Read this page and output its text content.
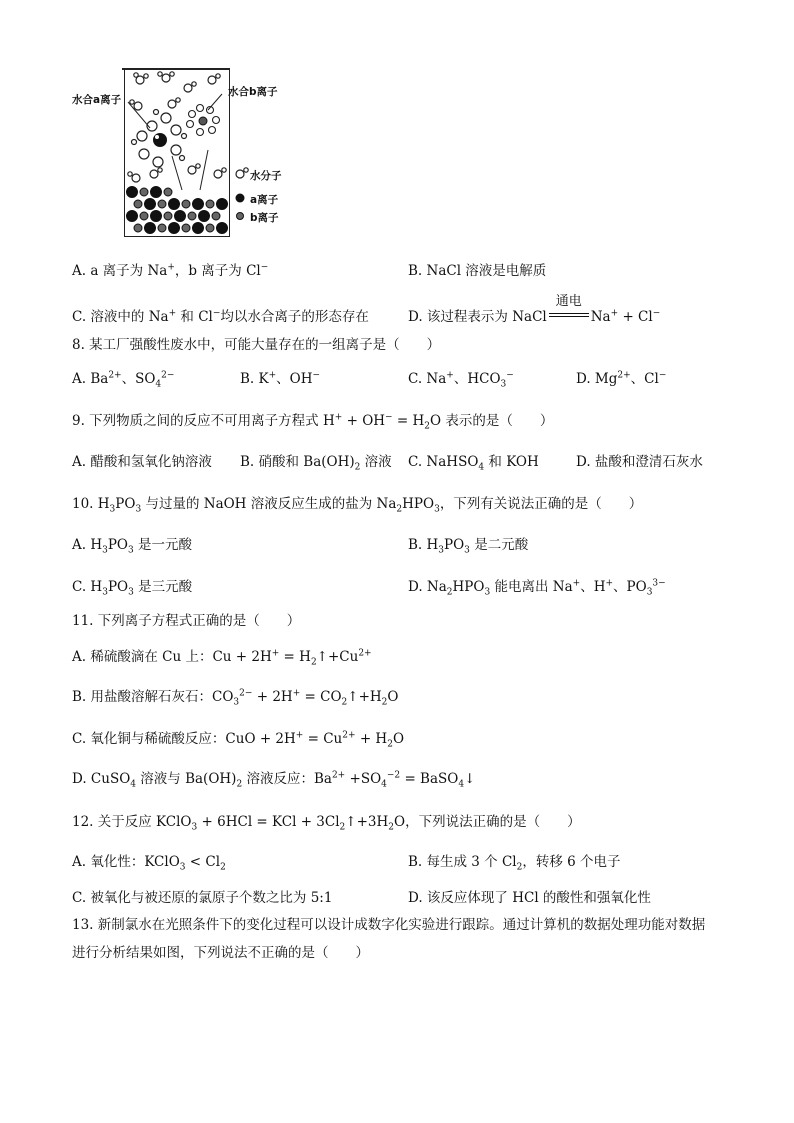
水合a离子
水合b离子
水分子
a离子
b离子
A. a 离子为 Na+，b 离子为 Cl−	B. NaCl 溶液是电解质
C. 溶液中的 Na+ 和 Cl−均以水合离子的形态存在	D. 该过程表示为 NaCl
通电
Na+ + Cl−
8. 某工厂强酸性废水中，可能大量存在的一组离子是（　　）
A. $Ba^{2+}$、$SO_4^{2-}$	B. K+、OH−	C. Na+、$HCO_3^-$	D. $Mg^{2+}$、Cl−
9. 下列物质之间的反应不可用离子方程式 $H^+ + OH^- = H_2O$ 表示的是（　　）
A. 醋酸和氢氧化钠溶液 B. 硝酸和 $Ba(OH)_2$ 溶液 C. NaHSO$_4$ 和 KOH	D. 盐酸和澄清石灰水
10. $H_3PO_3$ 与过量的 NaOH 溶液反应生成的盐为 $Na_2HPO_3$，下列有关说法正确的是（　　）
A. $H_3PO_3$ 是一元酸	B. $H_3PO_3$ 是二元酸
C. $H_3PO_3$ 是三元酸	D. $Na_2HPO_3$ 能电离出 Na+、H+、$PO_3^{3-}$
11. 下列离子方程式正确的是（　　）
A. 稀硫酸滴在 Cu 上：$Cu + 2H^+ = H_2↑+Cu^{2+}$
B. 用盐酸溶解石灰石：$CO_3^{2-} + 2H^+$ = $CO_2↑+H_2O$
C. 氧化铜与稀硫酸反应：CuO + $2H^+ = Cu^{2+} + H_2O$
D. CuSO$_4$ 溶液与 $Ba(OH)_2$ 溶液反应：$Ba^{2+} +SO_4^{-2}$ = BaSO$_4$↓
12. 关于反应 KClO$_3$ + 6HCl = KCl + $3Cl_2↑+3H_2O$，下列说法正确的是（　　）
A. 氧化性：KClO$_3$ < $Cl_2$	B. 每生成 3 个 $Cl_2$，转移 6 个电子
C. 被氧化与被还原的氯原子个数之比为 5:1	D. 该反应体现了 HCl 的酸性和强氧化性
13. 新制氯水在光照条件下的变化过程可以设计成数字化实验进行跟踪。通过计算机的数据处理功能对数据
进行分析结果如图，下列说法不正确的是（　　）
